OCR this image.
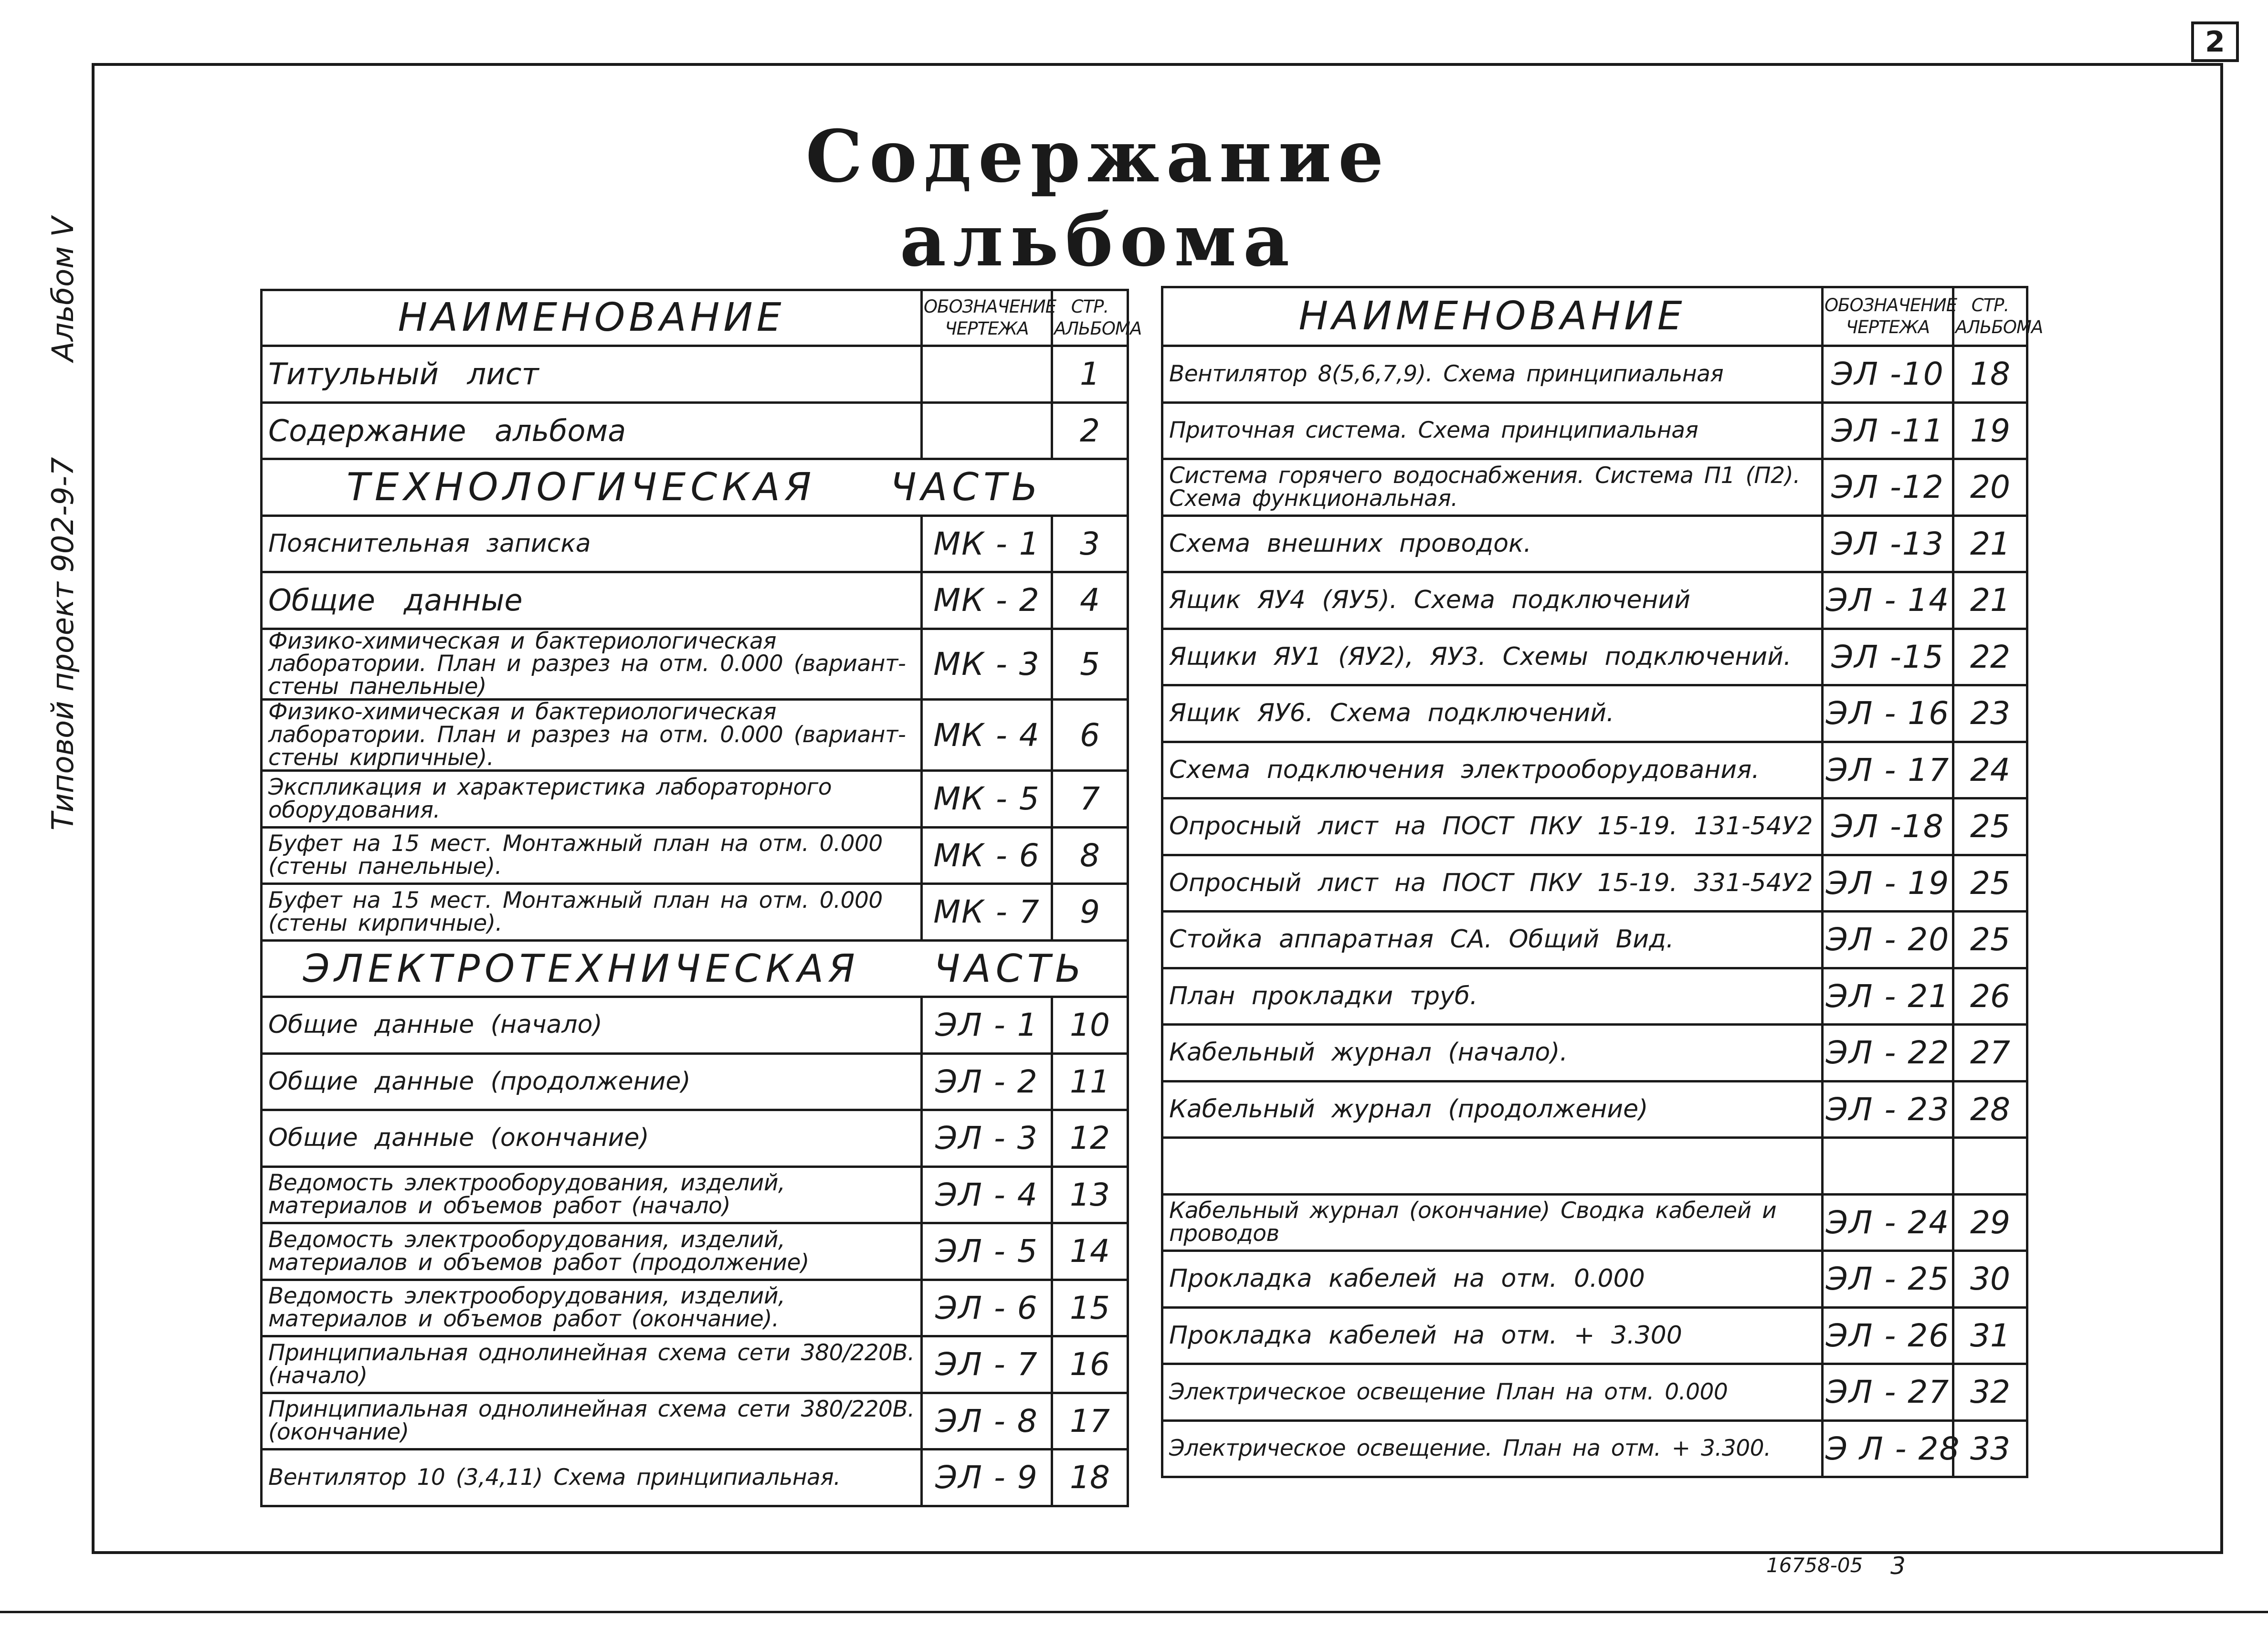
2
Содержание альбома
Типовой проект 902-9-7Альбом V	НАИМЕНОВАНИЕ	ОБОЗНАЧЕНИЕ ЧЕРТЕЖА	СТР. АЛЬБОМА
Титульный лист		1
Содержание альбома		2
ТЕХНОЛОГИЧЕСКАЯ ЧАСТЬ		
Пояснительная записка	МК - 1	3
Общие данные	МК - 2	4
Физико-химическая и бактериологическая лаборатории. План и разрез на отм. 0.000 (вариант-стены панельные)	МК - 3	5
Физико-химическая и бактериологическая лаборатории. План и разрез на отм. 0.000 (вариант-стены кирпичные).	МК - 4	6
Экспликация и характеристика лабораторного оборудования.	МК - 5	7
Буфет на 15 мест. Монтажный план на отм. 0.000 (стены панельные).	МК - 6	8
Буфет на 15 мест. Монтажный план на отм. 0.000 (стены кирпичные).	МК - 7	9
ЭЛЕКТРОТЕХНИЧЕСКАЯ ЧАСТЬ		
Общие данные (начало)	ЭЛ - 1	10
Общие данные (продолжение)	ЭЛ - 2	11
Общие данные (окончание)	ЭЛ - 3	12
Ведомость электрооборудования, изделий, материалов и объемов работ (начало)	ЭЛ - 4	13
Ведомость электрооборудования, изделий, материалов и объемов работ (продолжение)	ЭЛ - 5	14
Ведомость электрооборудования, изделий, материалов и объемов работ (окончание).	ЭЛ - 6	15
Принципиальная однолинейная схема сети 380/220В. (начало)	ЭЛ - 7	16
Принципиальная однолинейная схема сети 380/220В. (окончание)	ЭЛ - 8	17
Вентилятор 10 (3,4,11) Схема принципиальная.	ЭЛ - 9	18
НАИМЕНОВАНИЕ	ОБОЗНАЧЕНИЕ ЧЕРТЕЖА	СТР. АЛЬБОМА
Вентилятор 8(5,6,7,9). Схема принципиальная	ЭЛ -10	18
Приточная система. Схема принципиальная	ЭЛ -11	19
Система горячего водоснабжения. Система П1 (П2). Схема функциональная.	ЭЛ -12	20
Схема внешних проводок.	ЭЛ -13	21
Ящик ЯУ4 (ЯУ5). Схема подключений	ЭЛ - 14	21
Ящики ЯУ1 (ЯУ2), ЯУ3. Схемы подключений.	ЭЛ -15	22
Ящик ЯУ6. Схема подключений.	ЭЛ - 16	23
Схема подключения электрооборудования.	ЭЛ - 17	24
Опросный лист на ПОСТ ПКУ 15-19. 131-54У2	ЭЛ -18	25
Опросный лист на ПОСТ ПКУ 15-19. 331-54У2	ЭЛ - 19	25
Стойка аппаратная СА. Общий Вид.	ЭЛ - 20	25
План прокладки труб.	ЭЛ - 21	26
Кабельный журнал (начало).	ЭЛ - 22	27
Кабельный журнал (продолжение)	ЭЛ - 23	28

Кабельный журнал (окончание) Сводка кабелей и проводов	ЭЛ - 24	29
Прокладка кабелей на отм. 0.000	ЭЛ - 25	30
Прокладка кабелей на отм. + 3.300	ЭЛ - 26	31
Электрическое освещение План на отм. 0.000	ЭЛ - 27	32
Электрическое освещение. План на отм. + 3.300.	Э Л - 28	33
16758-05 3
